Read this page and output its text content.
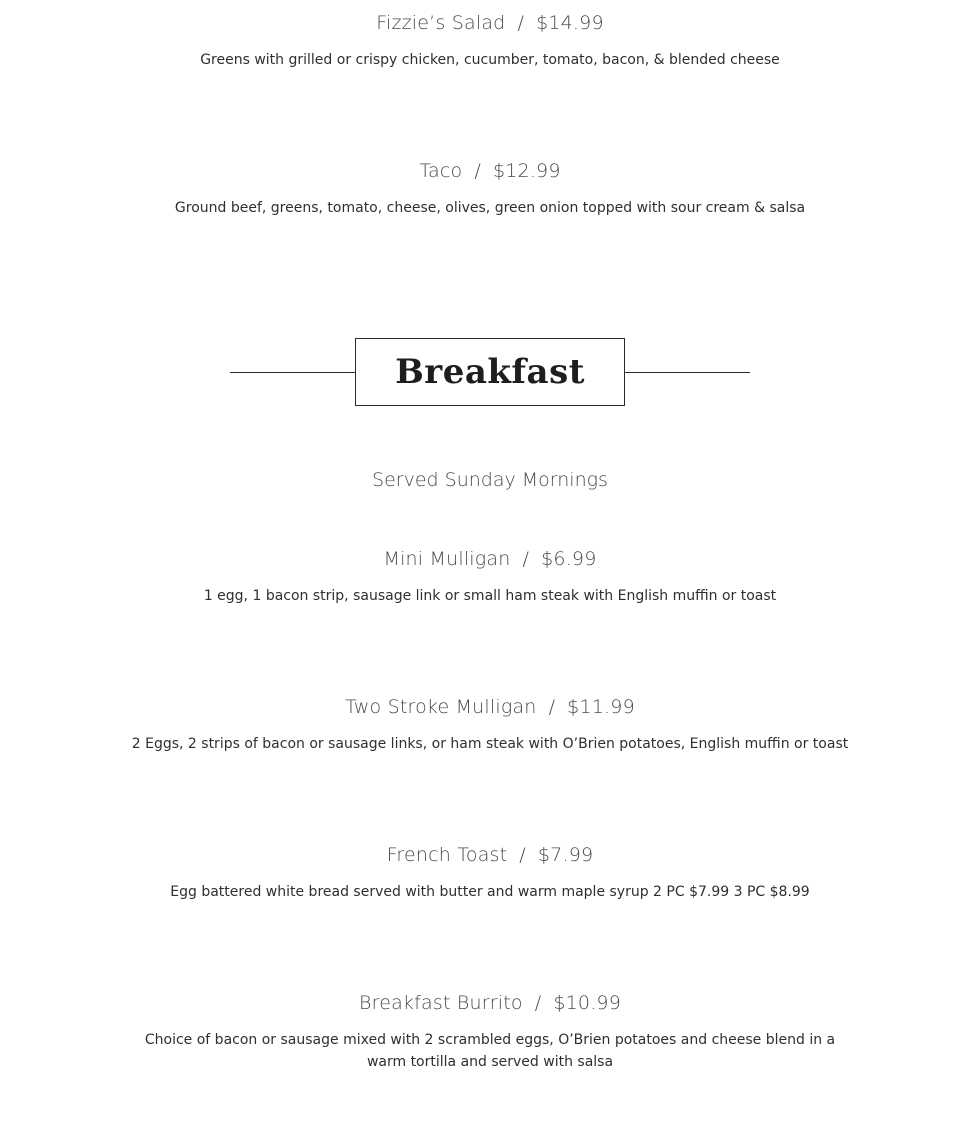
Fizzie’s Salad / $14.99
Greens with grilled or crispy chicken, cucumber, tomato, bacon, & blended cheese
Taco / $12.99
Ground beef, greens, tomato, cheese, olives, green onion topped with sour cream & salsa
Breakfast
Served Sunday Mornings
Mini Mulligan / $6.99
1 egg, 1 bacon strip, sausage link or small ham steak with English muffin or toast
Two Stroke Mulligan / $11.99
2 Eggs, 2 strips of bacon or sausage links, or ham steak with O’Brien potatoes, English muffin or toast
French Toast / $7.99
Egg battered white bread served with butter and warm maple syrup 2 PC $7.99 3 PC $8.99
Breakfast Burrito / $10.99
Choice of bacon or sausage mixed with 2 scrambled eggs, O’Brien potatoes and cheese blend in a warm tortilla and served with salsa
